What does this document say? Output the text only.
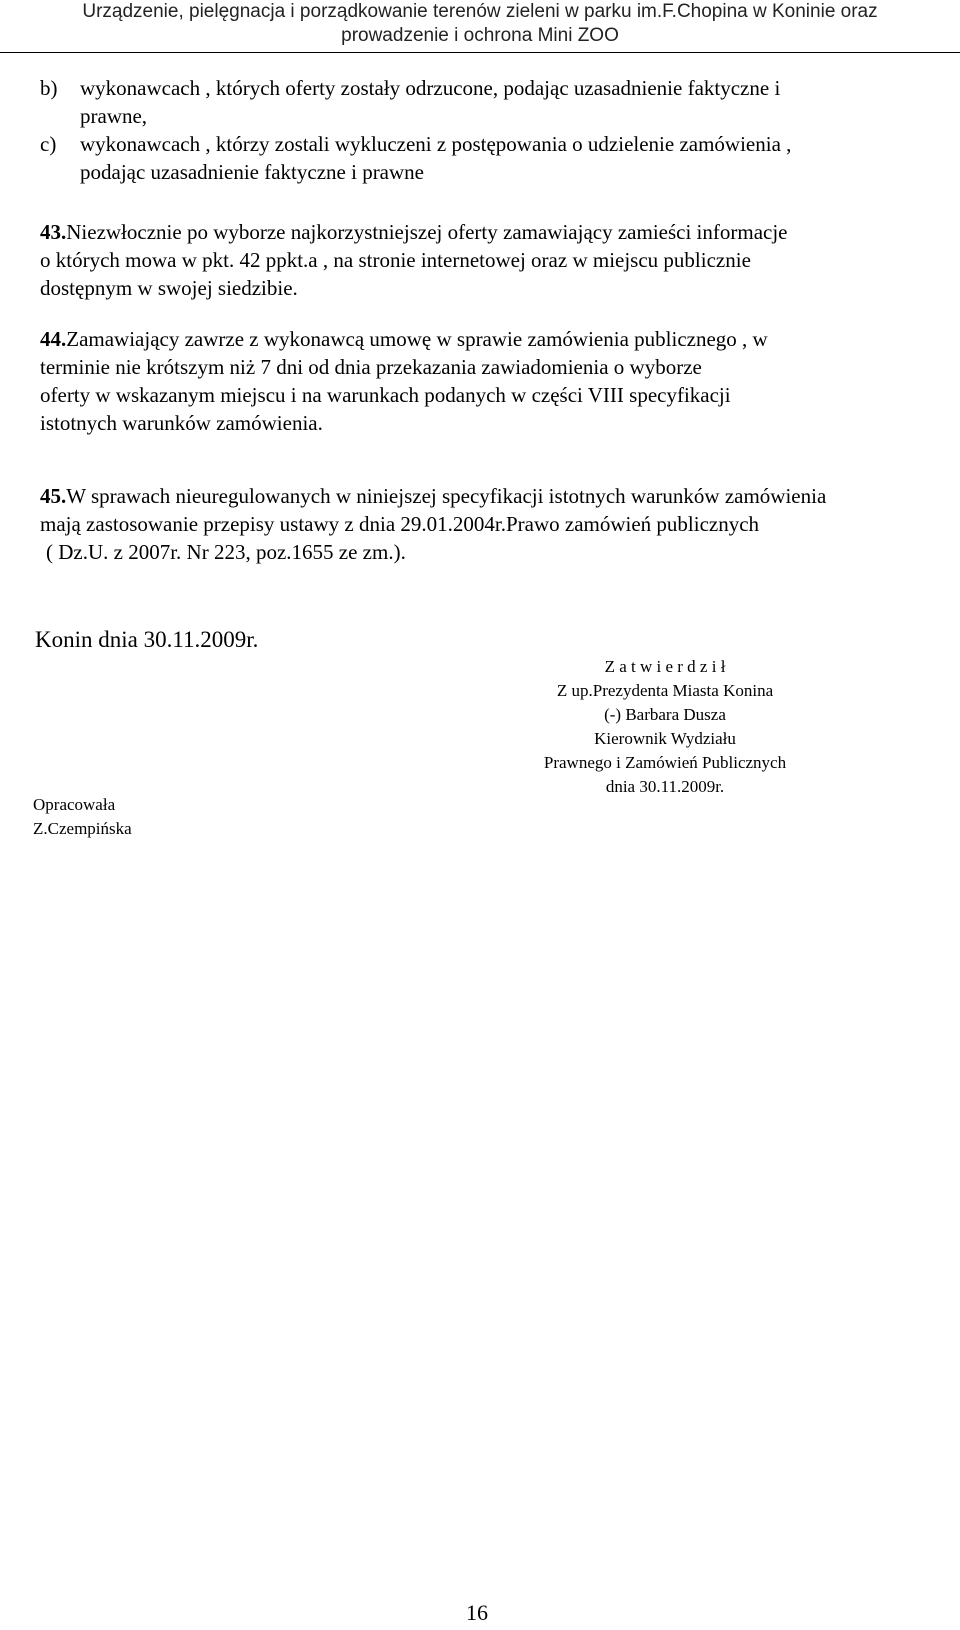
Urządzenie, pielęgnacja i porządkowanie terenów zieleni w parku im.F.Chopina w Koninie oraz
prowadzenie i ochrona Mini ZOO
b) wykonawcach , których oferty zostały odrzucone, podając uzasadnienie faktyczne i
prawne,
c) wykonawcach , którzy zostali wykluczeni z postępowania o udzielenie zamówienia ,
podając uzasadnienie faktyczne i prawne
43.Niezwłocznie po wyborze najkorzystniejszej oferty zamawiający zamieści informacje
o których mowa w pkt. 42 ppkt.a , na stronie internetowej oraz w miejscu publicznie
dostępnym w swojej siedzibie.
44.Zamawiający zawrze z wykonawcą umowę w sprawie zamówienia publicznego , w
terminie nie krótszym niż 7 dni od dnia przekazania zawiadomienia o wyborze
oferty w wskazanym miejscu i na warunkach podanych w części VIII specyfikacji
istotnych warunków zamówienia.
45.W sprawach nieuregulowanych w niniejszej specyfikacji istotnych warunków zamówienia
mają zastosowanie przepisy ustawy z dnia 29.01.2004r.Prawo zamówień publicznych
( Dz.U. z 2007r. Nr 223, poz.1655 ze zm.).
Konin dnia 30.11.2009r.
Z a t w i e r d z i ł
Z up.Prezydenta Miasta Konina
(-) Barbara Dusza
Kierownik Wydziału
Prawnego i Zamówień Publicznych
dnia 30.11.2009r.
Opracowała
Z.Czempińska
16
